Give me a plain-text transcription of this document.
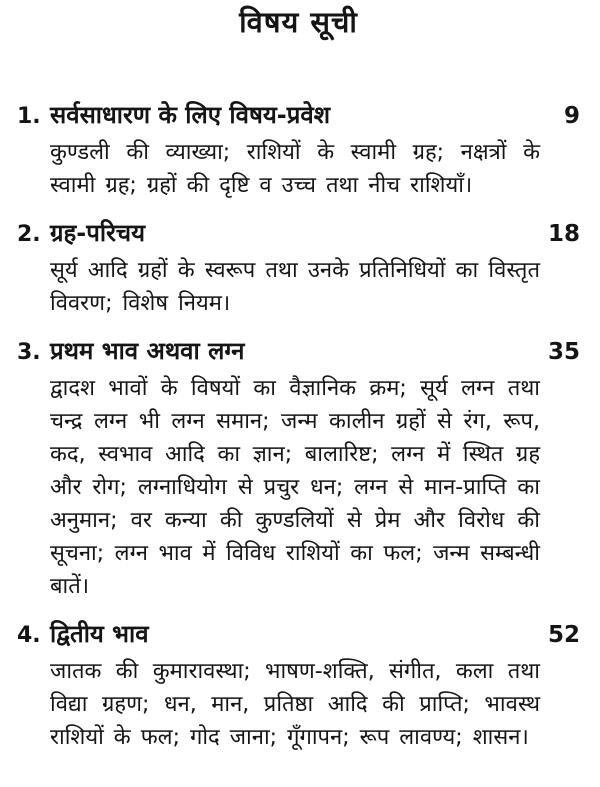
विषय सूची
1. सर्वसाधारण के लिए विषय-प्रवेश	9
कुण्डली की व्याख्या; राशियों के स्वामी ग्रह; नक्षत्रों के स्वामी ग्रह; ग्रहों की दृष्टि व उच्च तथा नीच राशियाँ।
2. ग्रह-परिचय	18
सूर्य आदि ग्रहों के स्वरूप तथा उनके प्रतिनिधियों का विस्तृत विवरण; विशेष नियम।
3. प्रथम भाव अथवा लग्न	35
द्वादश भावों के विषयों का वैज्ञानिक क्रम; सूर्य लग्न तथा चन्द्र लग्न भी लग्न समान; जन्म कालीन ग्रहों से रंग, रूप, कद, स्वभाव आदि का ज्ञान; बालारिष्ट; लग्न में स्थित ग्रह और रोग; लग्नाधियोग से प्रचुर धन; लग्न से मान-प्राप्ति का अनुमान; वर कन्या की कुण्डलियों से प्रेम और विरोध की सूचना; लग्न भाव में विविध राशियों का फल; जन्म सम्बन्धी बातें।
4. द्वितीय भाव	52
जातक की कुमारावस्था; भाषण-शक्ति, संगीत, कला तथा विद्या ग्रहण; धन, मान, प्रतिष्ठा आदि की प्राप्ति; भावस्थ राशियों के फल; गोद जाना; गूँगापन; रूप लावण्य; शासन।
